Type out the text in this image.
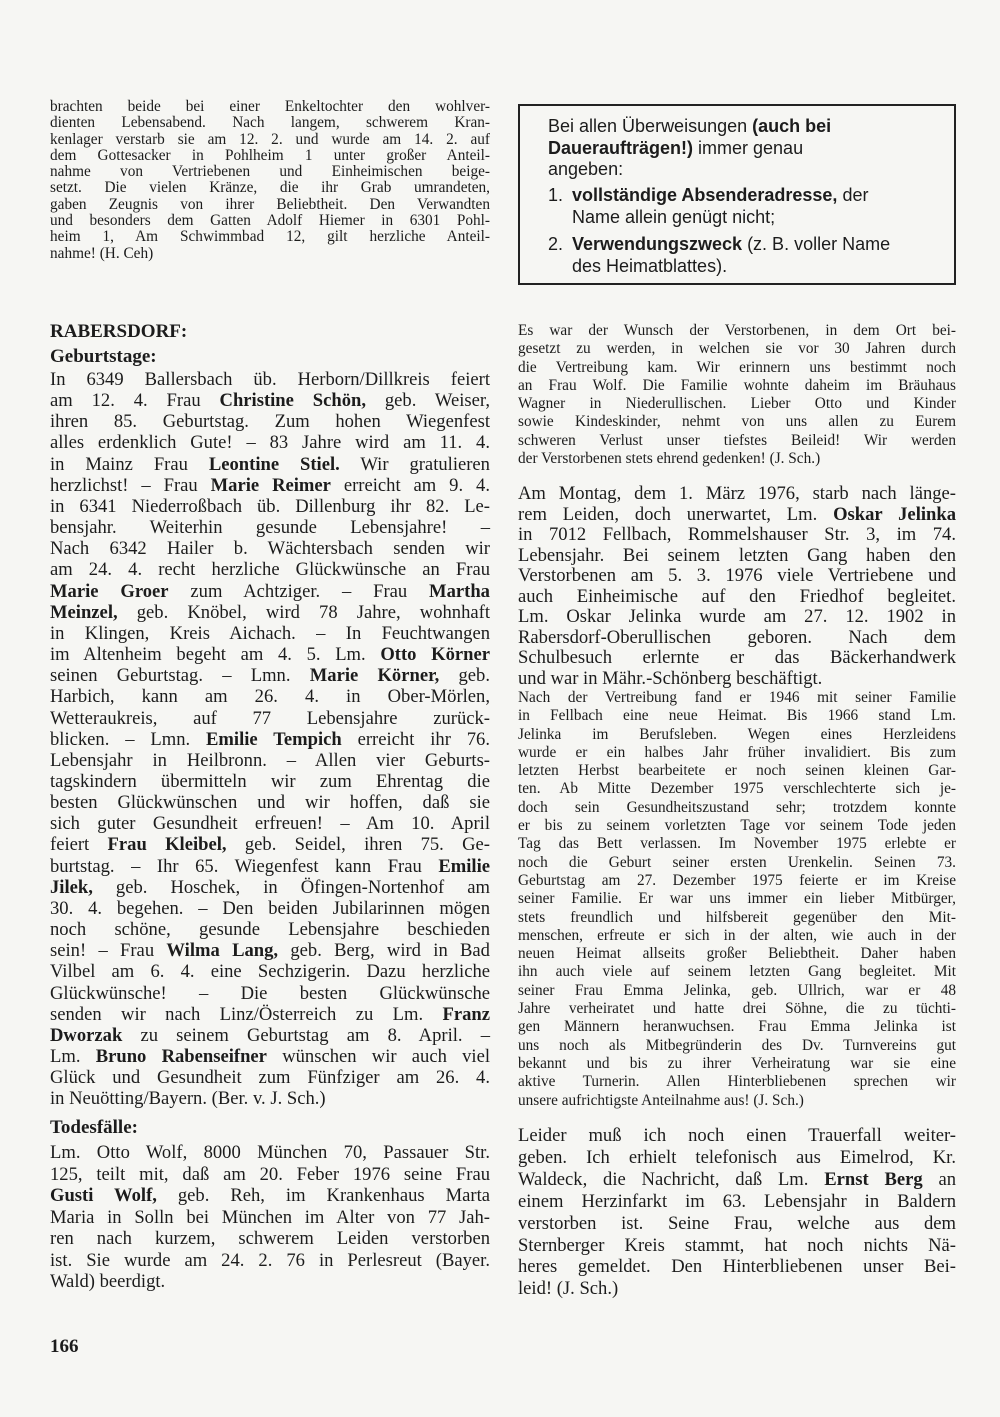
brachten beide bei einer Enkeltochter den wohlver-
dienten Lebensabend. Nach langem, schwerem Kran-
kenlager verstarb sie am 12. 2. und wurde am 14. 2. auf
dem Gottesacker in Pohlheim 1 unter großer Anteil-
nahme von Vertriebenen und Einheimischen beige-
setzt. Die vielen Kränze, die ihr Grab umrandeten,
gaben Zeugnis von ihrer Beliebtheit. Den Verwandten
und besonders dem Gatten Adolf Hiemer in 6301 Pohl-
heim 1, Am Schwimmbad 12, gilt herzliche Anteil-
nahme! (H. Ceh)
RABERSDORF:
Geburtstage:
In 6349 Ballersbach üb. Herborn/Dillkreis feiert
am 12. 4. Frau Christine Schön, geb. Weiser,
ihren 85. Geburtstag. Zum hohen Wiegenfest
alles erdenklich Gute! – 83 Jahre wird am 11. 4.
in Mainz Frau Leontine Stiel. Wir gratulieren
herzlichst! – Frau Marie Reimer erreicht am 9. 4.
in 6341 Niederroßbach üb. Dillenburg ihr 82. Le-
bensjahr. Weiterhin gesunde Lebensjahre! –
Nach 6342 Hailer b. Wächtersbach senden wir
am 24. 4. recht herzliche Glückwünsche an Frau
Marie Groer zum Achtziger. – Frau Martha
Meinzel, geb. Knöbel, wird 78 Jahre, wohnhaft
in Klingen, Kreis Aichach. – In Feuchtwangen
im Altenheim begeht am 4. 5. Lm. Otto Körner
seinen Geburtstag. – Lmn. Marie Körner, geb.
Harbich, kann am 26. 4. in Ober-Mörlen,
Wetteraukreis, auf 77 Lebensjahre zurück-
blicken. – Lmn. Emilie Tempich erreicht ihr 76.
Lebensjahr in Heilbronn. – Allen vier Geburts-
tagskindern übermitteln wir zum Ehrentag die
besten Glückwünschen und wir hoffen, daß sie
sich guter Gesundheit erfreuen! – Am 10. April
feiert Frau Kleibel, geb. Seidel, ihren 75. Ge-
burtstag. – Ihr 65. Wiegenfest kann Frau Emilie
Jilek, geb. Hoschek, in Öfingen-Nortenhof am
30. 4. begehen. – Den beiden Jubilarinnen mögen
noch schöne, gesunde Lebensjahre beschieden
sein! – Frau Wilma Lang, geb. Berg, wird in Bad
Vilbel am 6. 4. eine Sechzigerin. Dazu herzliche
Glückwünsche! – Die besten Glückwünsche
senden wir nach Linz/Österreich zu Lm. Franz
Dworzak zu seinem Geburtstag am 8. April. –
Lm. Bruno Rabenseifner wünschen wir auch viel
Glück und Gesundheit zum Fünfziger am 26. 4.
in Neuötting/Bayern. (Ber. v. J. Sch.)
Todesfälle:
Lm. Otto Wolf, 8000 München 70, Passauer Str.
125, teilt mit, daß am 20. Feber 1976 seine Frau
Gusti Wolf, geb. Reh, im Krankenhaus Marta
Maria in Solln bei München im Alter von 77 Jah-
ren nach kurzem, schwerem Leiden verstorben
ist. Sie wurde am 24. 2. 76 in Perlesreut (Bayer.
Wald) beerdigt.
166
Bei allen Überweisungen (auch bei
Daueraufträgen!) immer genau
angeben:
1. vollständige Absenderadresse, der
Name allein genügt nicht;
2. Verwendungszweck (z. B. voller Name
des Heimatblattes).
Es war der Wunsch der Verstorbenen, in dem Ort bei-
gesetzt zu werden, in welchen sie vor 30 Jahren durch
die Vertreibung kam. Wir erinnern uns bestimmt noch
an Frau Wolf. Die Familie wohnte daheim im Bräuhaus
Wagner in Niederullischen. Lieber Otto und Kinder
sowie Kindeskinder, nehmt von uns allen zu Eurem
schweren Verlust unser tiefstes Beileid! Wir werden
der Verstorbenen stets ehrend gedenken! (J. Sch.)
Am Montag, dem 1. März 1976, starb nach länge-
rem Leiden, doch unerwartet, Lm. Oskar Jelinka
in 7012 Fellbach, Rommelshauser Str. 3, im 74.
Lebensjahr. Bei seinem letzten Gang haben den
Verstorbenen am 5. 3. 1976 viele Vertriebene und
auch Einheimische auf den Friedhof begleitet.
Lm. Oskar Jelinka wurde am 27. 12. 1902 in
Rabersdorf-Oberullischen geboren. Nach dem
Schulbesuch erlernte er das Bäckerhandwerk
und war in Mähr.-Schönberg beschäftigt.
Nach der Vertreibung fand er 1946 mit seiner Familie
in Fellbach eine neue Heimat. Bis 1966 stand Lm.
Jelinka im Berufsleben. Wegen eines Herzleidens
wurde er ein halbes Jahr früher invalidiert. Bis zum
letzten Herbst bearbeitete er noch seinen kleinen Gar-
ten. Ab Mitte Dezember 1975 verschlechterte sich je-
doch sein Gesundheitszustand sehr; trotzdem konnte
er bis zu seinem vorletzten Tage vor seinem Tode jeden
Tag das Bett verlassen. Im November 1975 erlebte er
noch die Geburt seiner ersten Urenkelin. Seinen 73.
Geburtstag am 27. Dezember 1975 feierte er im Kreise
seiner Familie. Er war uns immer ein lieber Mitbürger,
stets freundlich und hilfsbereit gegenüber den Mit-
menschen, erfreute er sich in der alten, wie auch in der
neuen Heimat allseits großer Beliebtheit. Daher haben
ihn auch viele auf seinem letzten Gang begleitet. Mit
seiner Frau Emma Jelinka, geb. Ullrich, war er 48
Jahre verheiratet und hatte drei Söhne, die zu tüchti-
gen Männern heranwuchsen. Frau Emma Jelinka ist
uns noch als Mitbegründerin des Dv. Turnvereins gut
bekannt und bis zu ihrer Verheiratung war sie eine
aktive Turnerin. Allen Hinterbliebenen sprechen wir
unsere aufrichtigste Anteilnahme aus! (J. Sch.)
Leider muß ich noch einen Trauerfall weiter-
geben. Ich erhielt telefonisch aus Eimelrod, Kr.
Waldeck, die Nachricht, daß Lm. Ernst Berg an
einem Herzinfarkt im 63. Lebensjahr in Baldern
verstorben ist. Seine Frau, welche aus dem
Sternberger Kreis stammt, hat noch nichts Nä-
heres gemeldet. Den Hinterbliebenen unser Bei-
leid! (J. Sch.)
